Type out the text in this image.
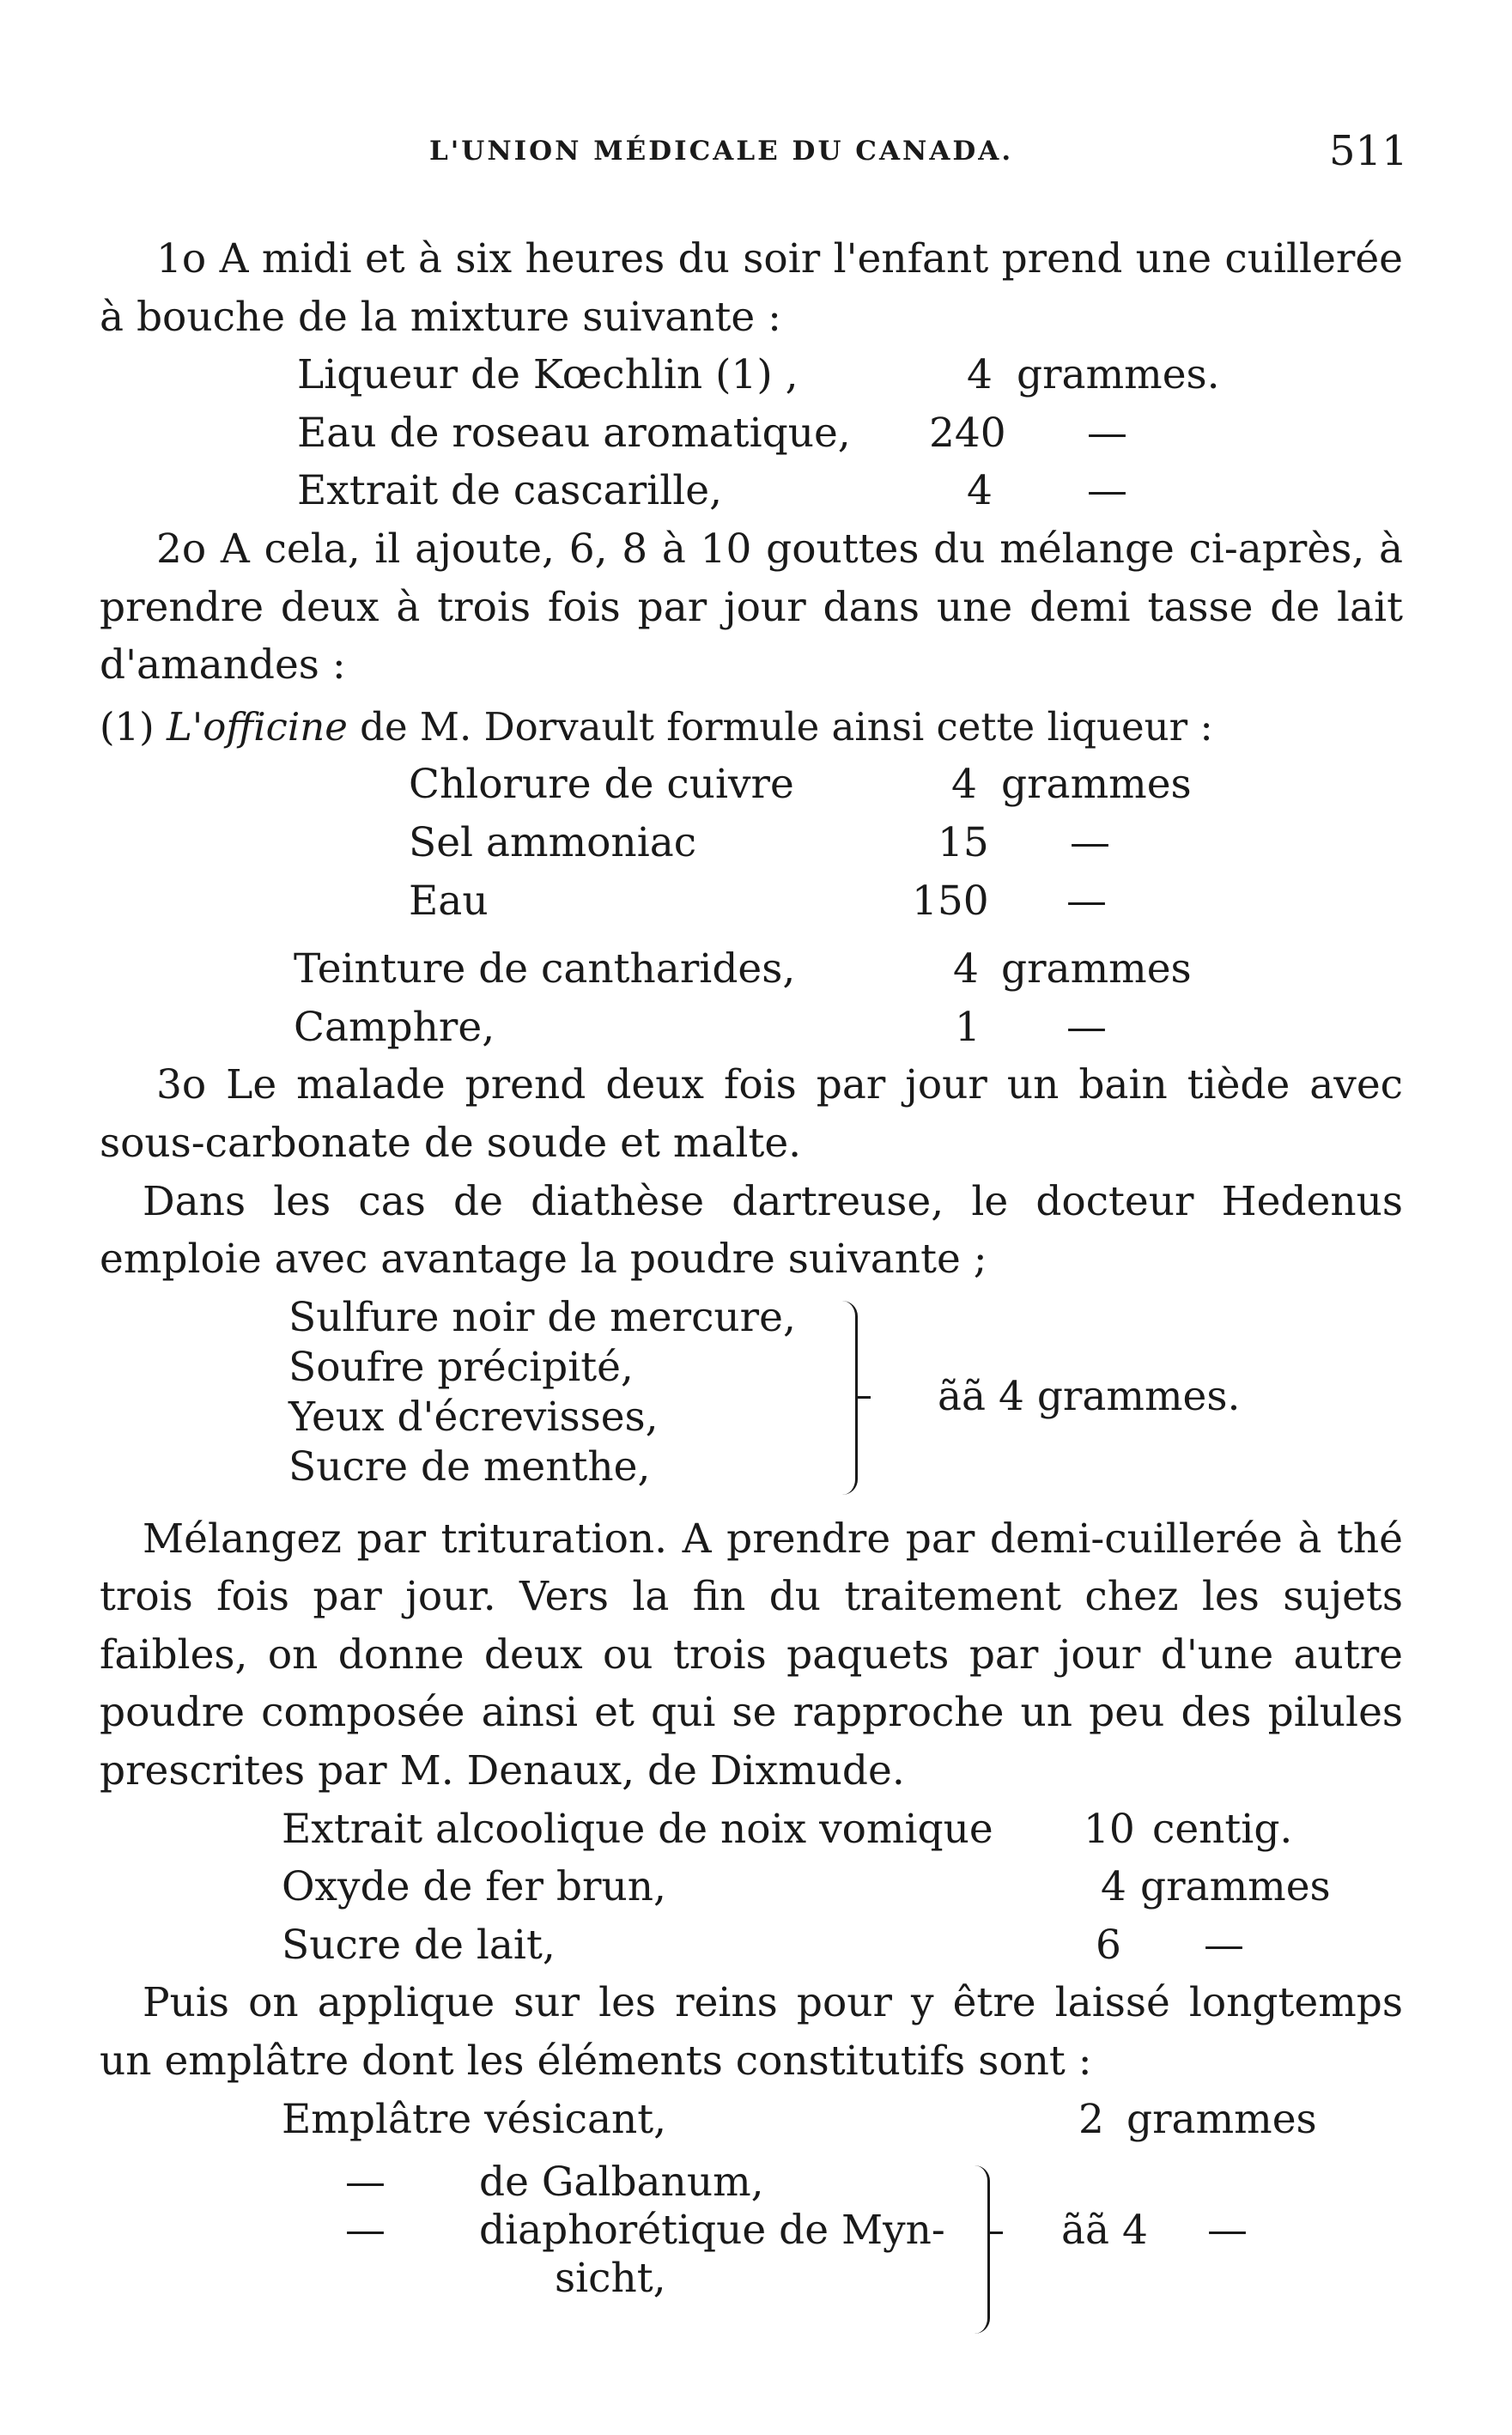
L'UNION MÉDICALE DU CANADA.	511

1o A midi et à six heures du soir l'enfant prend une cuillerée à bouche de la mixture suivante :

Liqueur de Kœchlin (1) ,	4 grammes.
Eau de roseau aromatique, 240 —
Extrait de cascarille,	4 —

2o A cela, il ajoute, 6, 8 à 10 gouttes du mélange ci-après, à prendre deux à trois fois par jour dans une demi tasse de lait d'amandes :

(1) L'officine de M. Dorvault formule ainsi cette liqueur :

Chlorure de cuivre	4 grammes
Sel ammoniac	15 —
Eau	150 —
Teinture de cantharides,	4 grammes
Camphre,	1 —

3o Le malade prend deux fois par jour un bain tiède avec sous-carbonate de soude et malte.

Dans les cas de diathèse dartreuse, le docteur Hedenus emploie avec avantage la poudre suivante ;

Sulfure noir de mercure,
Soufre précipité,
Yeux d'écrevisses,
Sucre de menthe,
ãã 4 grammes.

Mélangez par trituration. A prendre par demi-cuillerée à thé trois fois par jour. Vers la fin du traitement chez les sujets faibles, on donne deux ou trois paquets par jour d'une autre poudre composée ainsi et qui se rapproche un peu des pilules prescrites par M. Denaux, de Dixmude.

Extrait alcoolique de noix vomique 10 centig.
Oxyde de fer brun,	4 grammes
Sucre de lait,	6 —

Puis on applique sur les reins pour y être laissé longtemps un emplâtre dont les éléments constitutifs sont :

Emplâtre vésicant,	2 grammes
— de Galbanum,
— diaphorétique de Myn-
sicht,
ãã 4 —
